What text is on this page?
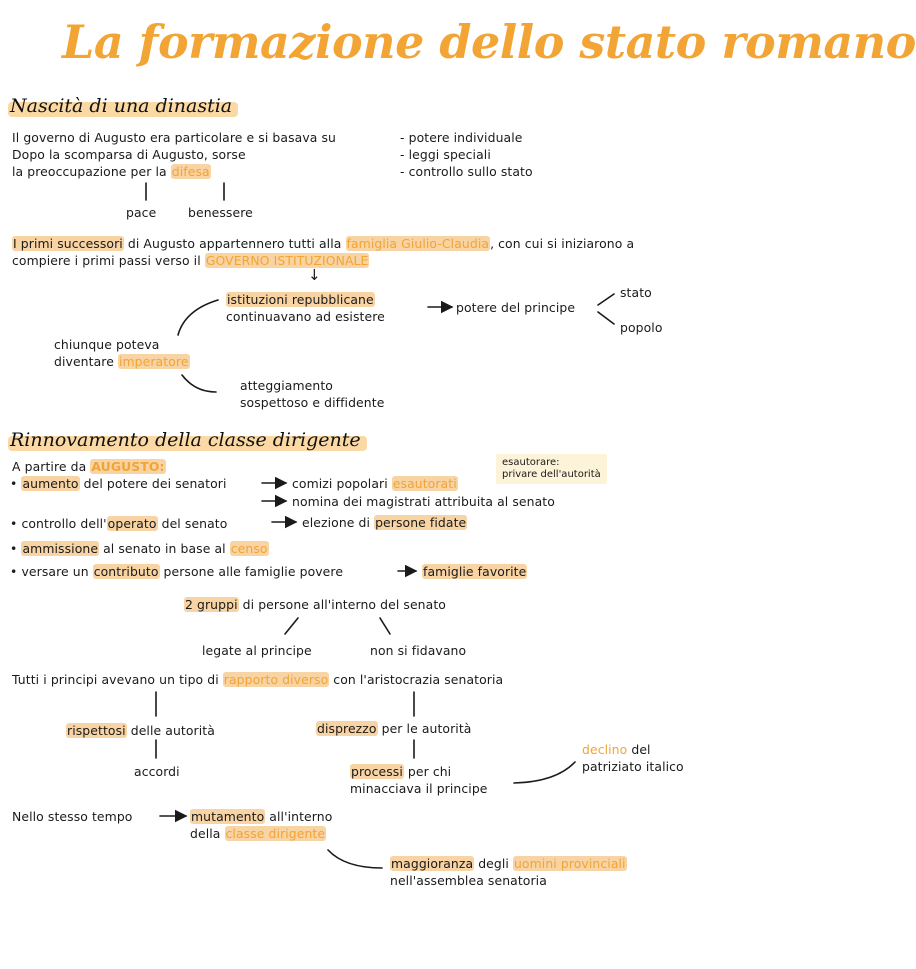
La formazione dello stato romano
Nascità di una dinastia
Il governo di Augusto era particolare e si basava su
Dopo la scomparsa di Augusto, sorse
la preoccupazione per la difesa
- potere individuale
- leggi speciali
- controllo sullo stato
pace	benessere
I primi successori di Augusto appartennero tutti alla famiglia Giulio-Claudia, con cui si iniziarono a
compiere i primi passi verso il GOVERNO ISTITUZIONALE
↓
istituzioni repubblicane
continuavano ad esistere
potere del principe
stato
popolo
chiunque poteva
diventare imperatore
atteggiamento
sospettoso e diffidente
Rinnovamento della classe dirigente
A partire da AUGUSTO:	esautorare:
privare dell'autorità
• aumento del potere dei senatori	comizi popolari esautorati
nomina dei magistrati attribuita al senato
• controllo dell'operato del senato	elezione di persone fidate
• ammissione al senato in base al censo
• versare un contributo persone alle famiglie povere	famiglie favorite
2 gruppi di persone all'interno del senato
legate al principe	non si fidavano
Tutti i principi avevano un tipo di rapporto diverso con l'aristocrazia senatoria
rispettosi delle autorità	disprezzo per le autorità
accordi	processi per chi
minacciava il principe
declino del
patriziato italico
Nello stesso tempo	mutamento all'interno
della classe dirigente
maggioranza degli uomini provinciali
nell'assemblea senatoria
